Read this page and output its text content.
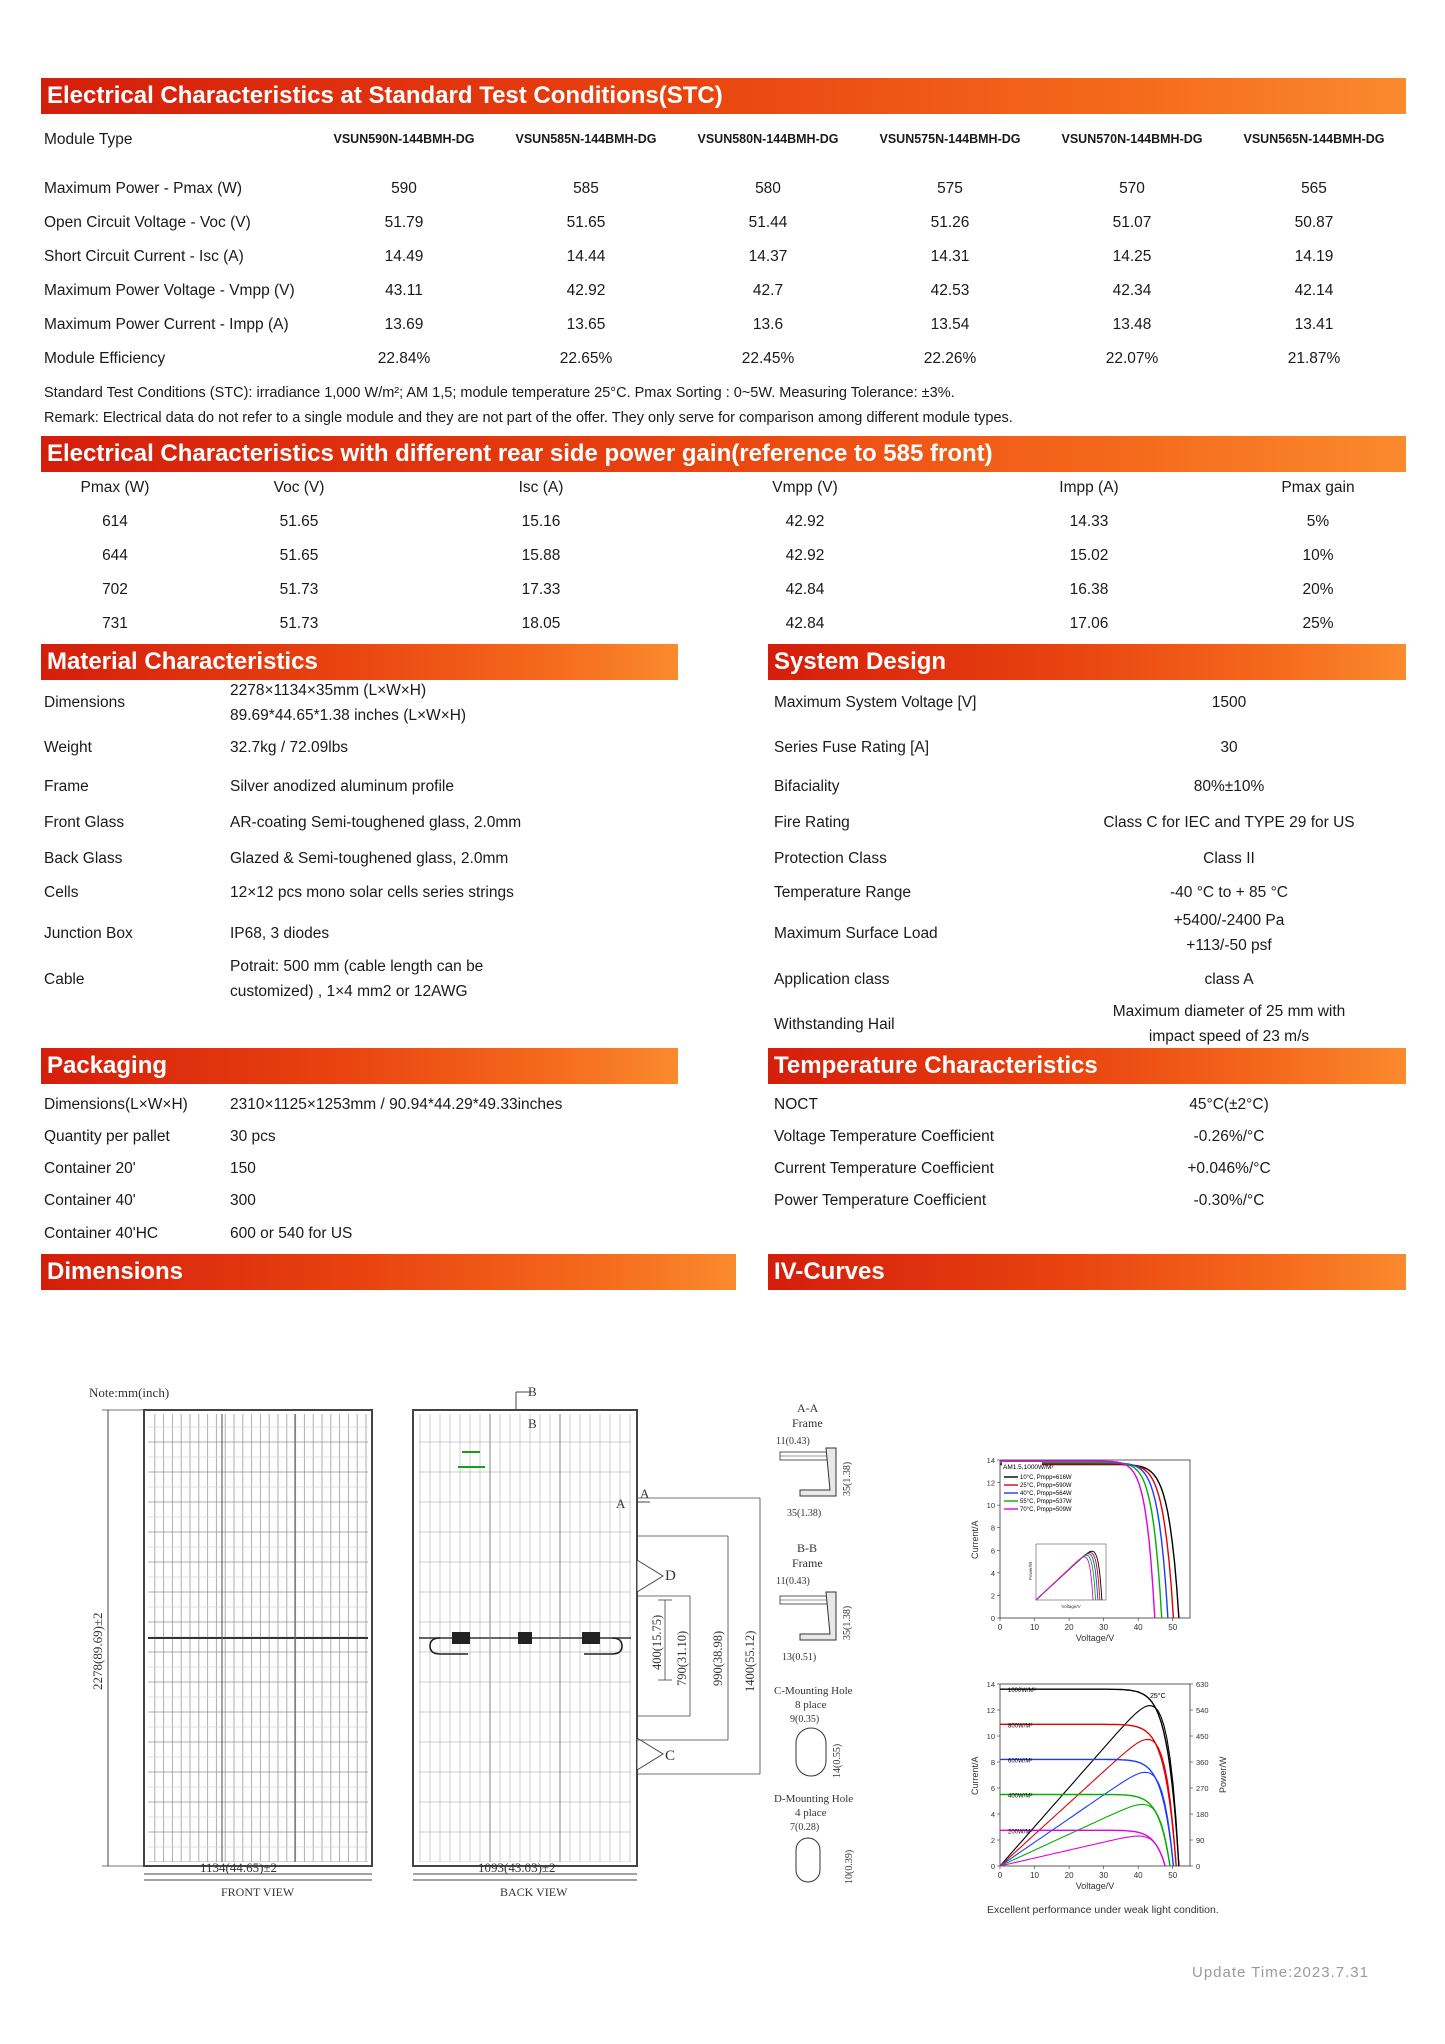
Electrical Characteristics at Standard Test Conditions(STC)
Module Type	VSUN590N-144BMH-DG	VSUN585N-144BMH-DG	VSUN580N-144BMH-DG	VSUN575N-144BMH-DG	VSUN570N-144BMH-DG	VSUN565N-144BMH-DG
Maximum Power - Pmax (W)	590	585	580	575	570	565
Open Circuit Voltage - Voc (V)	51.79	51.65	51.44	51.26	51.07	50.87
Short Circuit Current - Isc (A)	14.49	14.44	14.37	14.31	14.25	14.19
Maximum Power Voltage - Vmpp (V)	43.11	42.92	42.7	42.53	42.34	42.14
Maximum Power Current - Impp (A)	13.69	13.65	13.6	13.54	13.48	13.41
Module Efficiency	22.84%	22.65%	22.45%	22.26%	22.07%	21.87%
Standard Test Conditions (STC): irradiance 1,000 W/m²; AM 1,5; module temperature 25°C. Pmax Sorting : 0~5W. Measuring Tolerance: ±3%.
Remark: Electrical data do not refer to a single module and they are not part of the offer. They only serve for comparison among different module types.
Electrical Characteristics with different rear side power gain(reference to 585 front)
Pmax (W)	Voc (V)	Isc (A)	Vmpp (V)	Impp (A)	Pmax gain
614	51.65	15.16	42.92	14.33	5%
644	51.65	15.88	42.92	15.02	10%
702	51.73	17.33	42.84	16.38	20%
731	51.73	18.05	42.84	17.06	25%
Material Characteristics	System Design
Dimensions
2278×1134×35mm (L×W×H)
89.69*44.65*1.38 inches (L×W×H)
Weight	32.7kg / 72.09lbs
Frame	Silver anodized aluminum profile
Front Glass	AR-coating Semi-toughened glass, 2.0mm
Back Glass	Glazed & Semi-toughened glass, 2.0mm
Cells	12×12 pcs mono solar cells series strings
Junction Box	IP68, 3 diodes
Cable
Potrait: 500 mm (cable length can be
customized) , 1×4 mm2 or 12AWG
Maximum System Voltage [V]	1500
Series Fuse Rating [A]	30
Bifaciality	80%±10%
Fire Rating	Class C for IEC and TYPE 29 for US
Protection Class	Class II
Temperature Range	-40 °C to + 85 °C
Maximum Surface Load
+5400/-2400 Pa
+113/-50 psf
Application class	class A
Withstanding Hail
Maximum diameter of 25 mm with
impact speed of 23 m/s
Packaging	Temperature Characteristics
Dimensions(L×W×H)	2310×1125×1253mm / 90.94*44.29*49.33inches
Quantity per pallet	30 pcs
Container 20'	150
Container 40'	300
Container 40'HC	600 or 540 for US
NOCT	45°C(±2°C)
Voltage Temperature Coefficient	-0.26%/°C
Current Temperature Coefficient	+0.046%/°C
Power Temperature Coefficient	-0.30%/°C
Dimensions	IV-Curves
Note:mm(inch)
2278(89.69)±2
1134(44.65)±2
FRONT VIEW
B
B
A
A
D
C
400(15.75) 790(31.10) 990(38.98) 1400(55.12)
1093(43.03)±2
BACK VIEW
A-A
Frame
11(0.43)
35(1.38)
35(1.38)
B-B
Frame
11(0.43)
35(1.38)
13(0.51)
C-Mounting Hole
8 place
9(0.35)
14(0.55)
D-Mounting Hole
4 place
7(0.28)
10(0.39)
0	10	20	30	40	50
0
2
4
6
8
10
12
14
AM1.5,1000W/M²
10°C, Pmpp=616W
25°C, Pmpp=590W
40°C, Pmpp=564W
55°C, Pmpp=537W
70°C, Pmpp=509W
Voltage/V
Power/W
Voltage/V
Current/A
0	10	20	30	40	50
0
2
4
6
8
10
12
14
1000W/M²
800W/M²
600W/M²
400W/M²
200W/M²
25°C
0
90
180
270
360
450
540
630
Voltage/V
Current/A	Power/W
Excellent performance under weak light condition.
Update Time:2023.7.31
